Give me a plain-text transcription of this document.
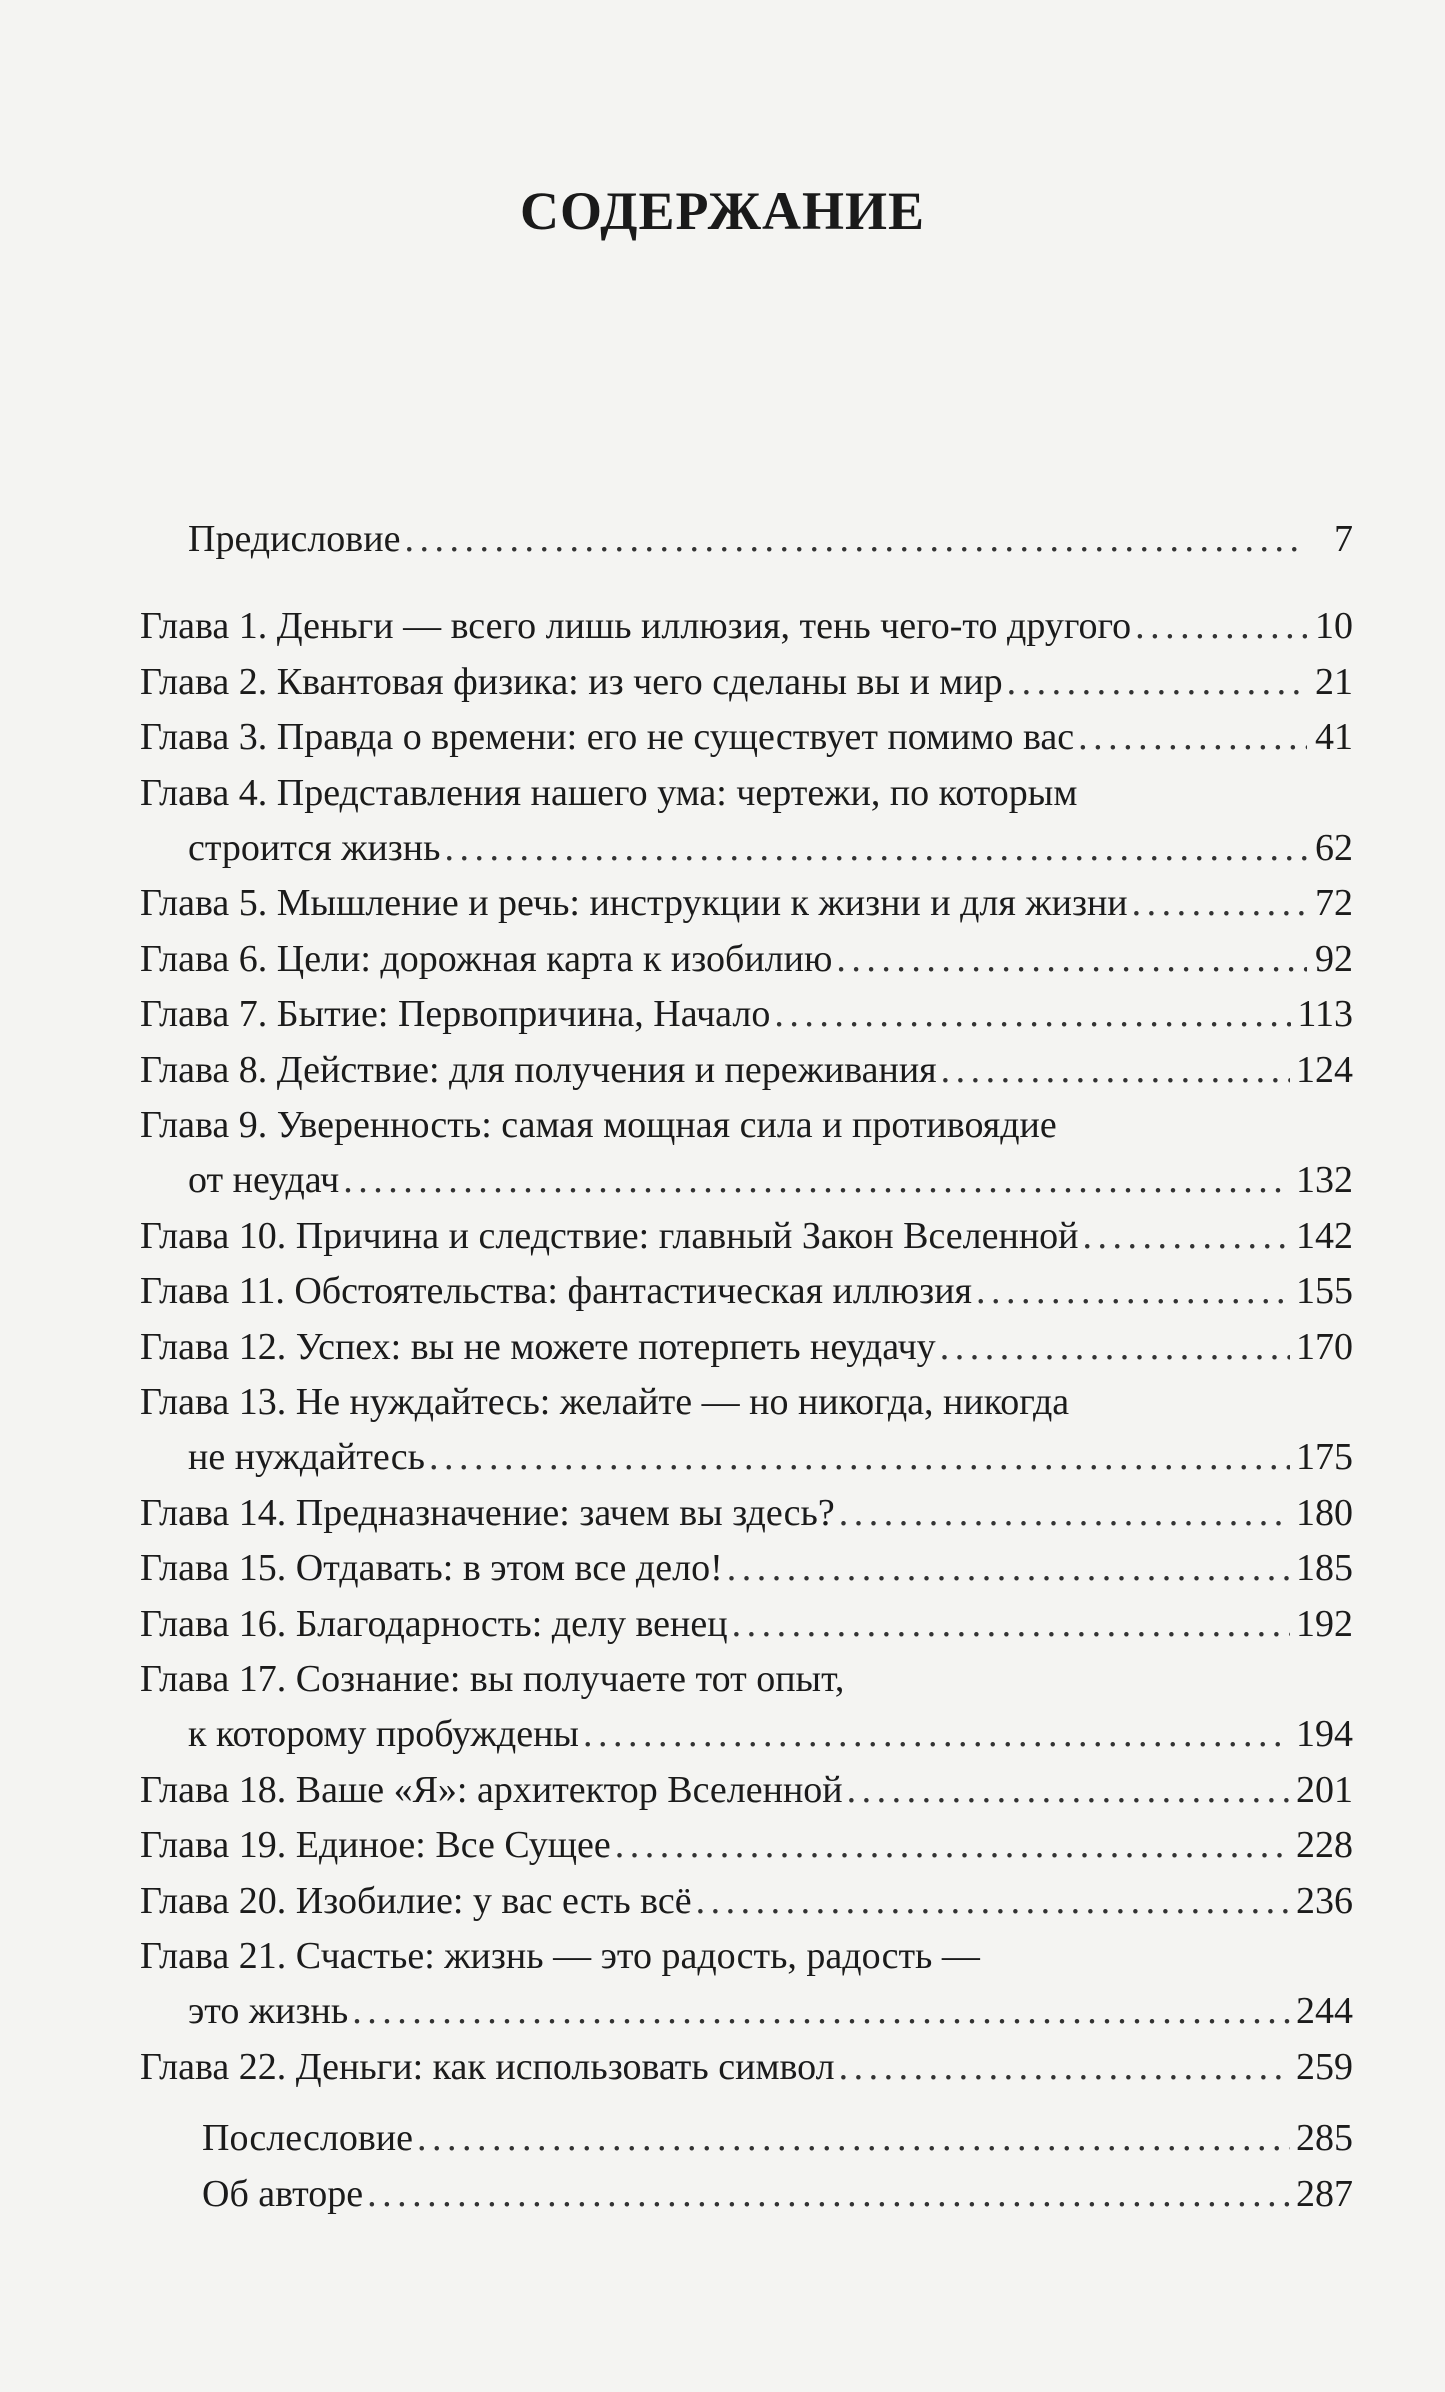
СОДЕРЖАНИЕ
Предисловие . . .	7
Глава 1. Деньги — всего лишь иллюзия, тень чего-то другого . . .	10
Глава 2. Квантовая физика: из чего сделаны вы и мир . . .	21
Глава 3. Правда о времени: его не существует помимо вас . . .	41
Глава 4. Представления нашего ума: чертежи, по которым
строится жизнь . . .	62
Глава 5. Мышление и речь: инструкции к жизни и для жизни . . .	72
Глава 6. Цели: дорожная карта к изобилию . . .	92
Глава 7. Бытие: Первопричина, Начало . . .	113
Глава 8. Действие: для получения и переживания . . .	124
Глава 9. Уверенность: самая мощная сила и противоядие
от неудач . . .	132
Глава 10. Причина и следствие: главный Закон Вселенной . . .	142
Глава 11. Обстоятельства: фантастическая иллюзия . . .	155
Глава 12. Успех: вы не можете потерпеть неудачу . . .	170
Глава 13. Не нуждайтесь: желайте — но никогда, никогда
не нуждайтесь . . .	175
Глава 14. Предназначение: зачем вы здесь? . . .	180
Глава 15. Отдавать: в этом все дело! . . .	185
Глава 16. Благодарность: делу венец . . .	192
Глава 17. Сознание: вы получаете тот опыт,
к которому пробуждены . . .	194
Глава 18. Ваше «Я»: архитектор Вселенной . . .	201
Глава 19. Единое: Все Сущее . . .	228
Глава 20. Изобилие: у вас есть всё . . .	236
Глава 21. Счастье: жизнь — это радость, радость —
это жизнь . . .	244
Глава 22. Деньги: как использовать символ . . .	259
Послесловие . . .	285
Об авторе . . .	287
